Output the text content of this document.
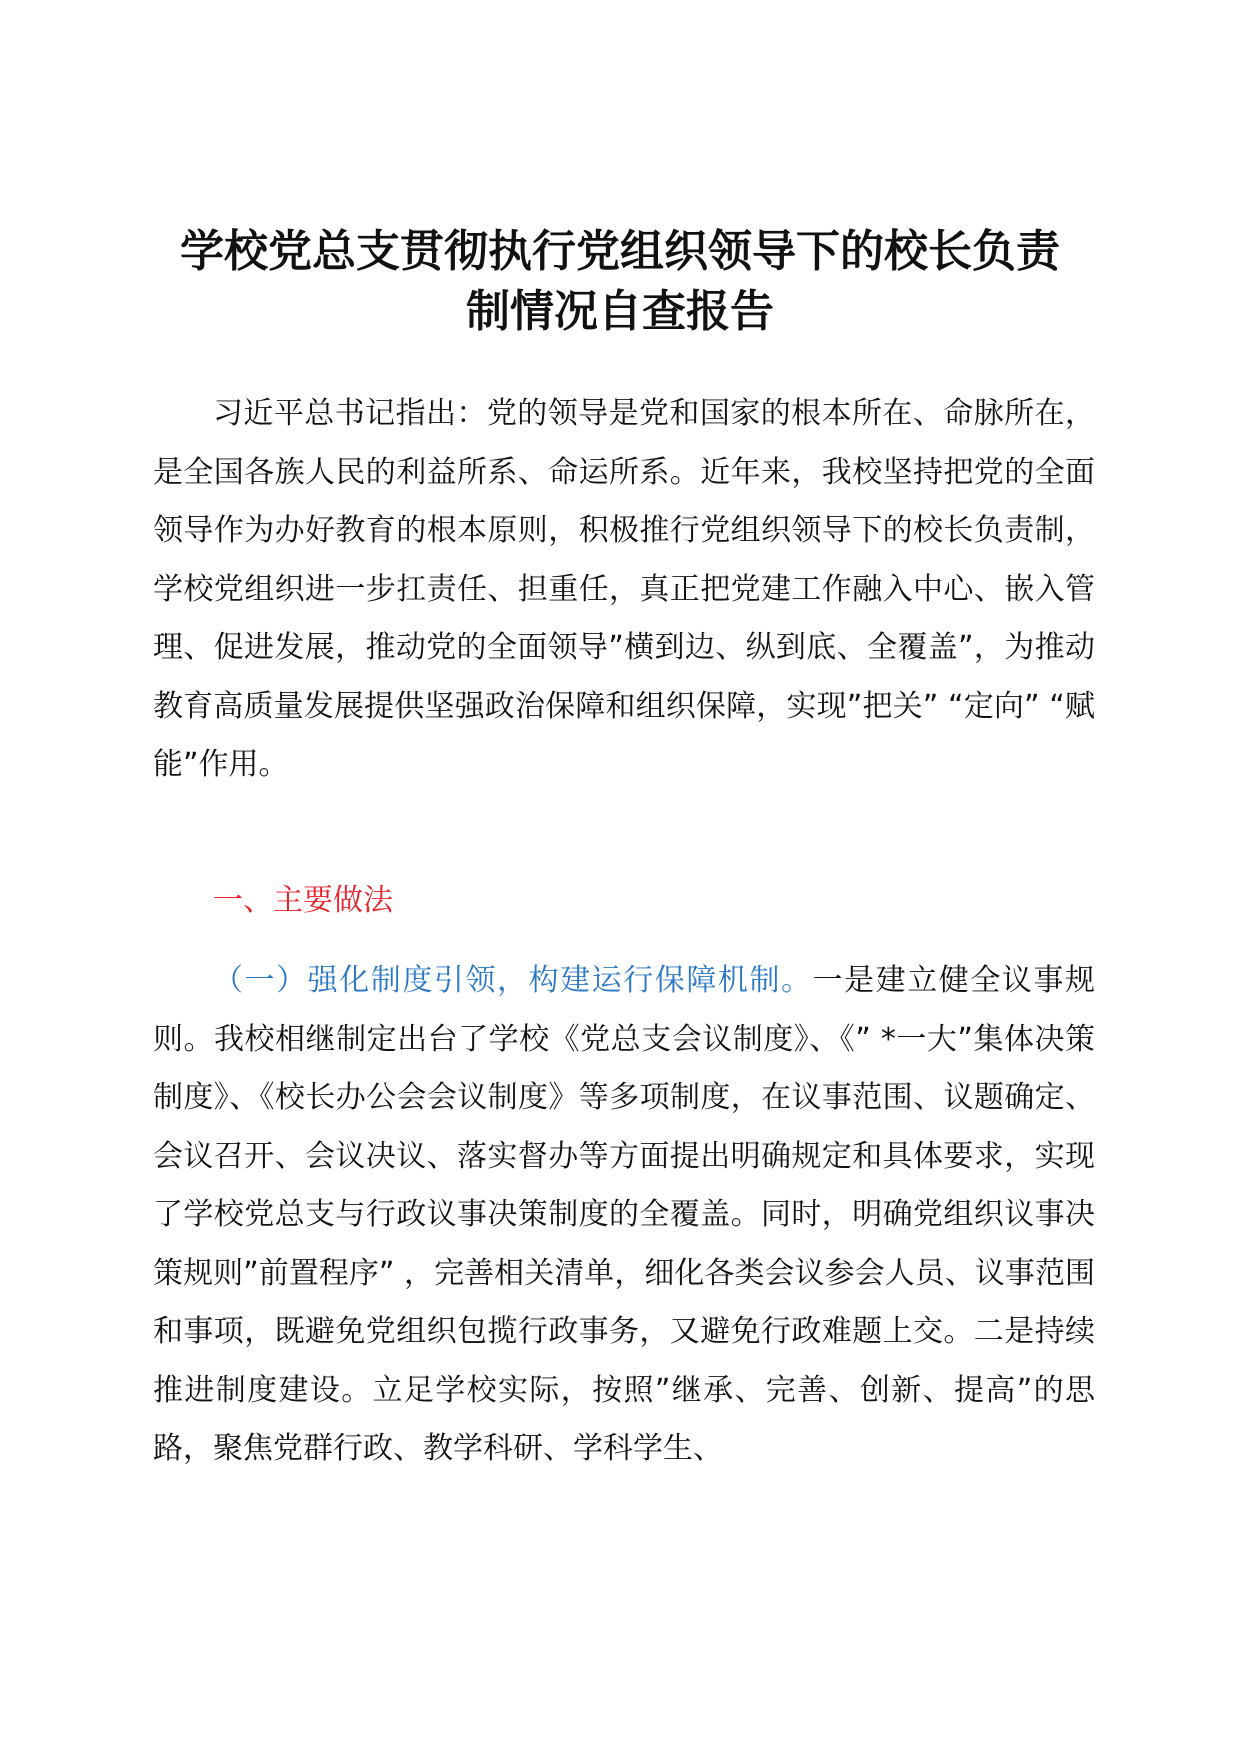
学校党总支贯彻执行党组织领导下的校长负责
制情况自查报告

习近平总书记指出：党的领导是党和国家的根本所在、命脉所在，是全国各族人民的利益所系、命运所系。近年来，我校坚持把党的全面领导作为办好教育的根本原则，积极推行党组织领导下的校长负责制，学校党组织进一步扛责任、担重任，真正把党建工作融入中心、嵌入管理、促进发展，推动党的全面领导”横到边、纵到底、全覆盖”，为推动教育高质量发展提供坚强政治保障和组织保障，实现”把关” “定向” “赋能”作用。

一、主要做法

（一）强化制度引领，构建运行保障机制。一是建立健全议事规则。我校相继制定出台了学校《党总支会议制度》、《” *一大”集体决策制度》、《校长办公会会议制度》等多项制度，在议事范围、议题确定、会议召开、会议决议、落实督办等方面提出明确规定和具体要求，实现了学校党总支与行政议事决策制度的全覆盖。同时，明确党组织议事决策规则”前置程序” ，完善相关清单，细化各类会议参会人员、议事范围和事项，既避免党组织包揽行政事务，又避免行政难题上交。二是持续推进制度建设。立足学校实际，按照”继承、完善、创新、提高”的思路，聚焦党群行政、教学科研、学科学生、
